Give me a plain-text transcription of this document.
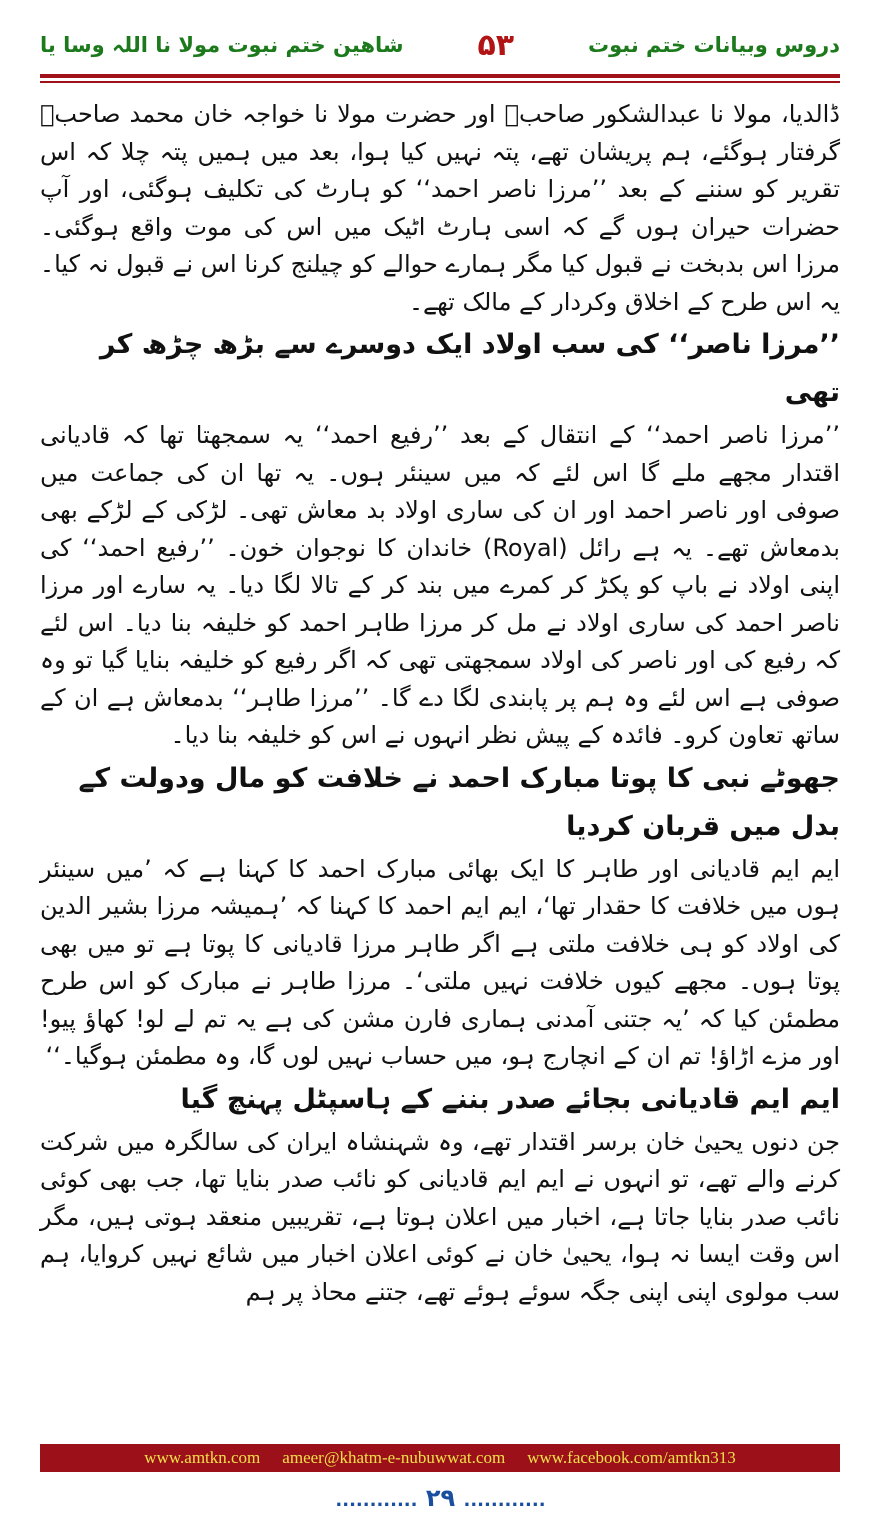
دروس وبیانات ختم نبوت
۵۳
شاھین ختم نبوت مولا نا اللہ وسا یا

ڈالدیا، مولا نا عبدالشکور صاحبؒ اور حضرت مولا نا خواجہ خان محمد صاحبؒ گرفتار ہوگئے، ہم پریشان تھے، پتہ نہیں کیا ہوا، بعد میں ہمیں پتہ چلا کہ اس تقریر کو سننے کے بعد ’’مرزا ناصر احمد‘‘ کو ہارٹ کی تکلیف ہوگئی، اور آپ حضرات حیران ہوں گے کہ اسی ہارٹ اٹیک میں اس کی موت واقع ہوگئی۔ مرزا اس بدبخت نے قبول کیا مگر ہمارے حوالے کو چیلنج کرنا اس نے قبول نہ کیا۔ یہ اس طرح کے اخلاق وکردار کے مالک تھے۔

’’مرزا ناصر‘‘ کی سب اولاد ایک دوسرے سے بڑھ چڑھ کر تھی

’’مرزا ناصر احمد‘‘ کے انتقال کے بعد ’’رفیع احمد‘‘ یہ سمجھتا تھا کہ قادیانی اقتدار مجھے ملے گا اس لئے کہ میں سینئر ہوں۔ یہ تھا ان کی جماعت میں صوفی اور ناصر احمد اور ان کی ساری اولاد بد معاش تھی۔ لڑکی کے لڑکے بھی بدمعاش تھے۔ یہ ہے رائل (Royal) خاندان کا نوجوان خون۔ ’’رفیع احمد‘‘ کی اپنی اولاد نے باپ کو پکڑ کر کمرے میں بند کر کے تالا لگا دیا۔ یہ سارے اور مرزا ناصر احمد کی ساری اولاد نے مل کر مرزا طاہر احمد کو خلیفہ بنا دیا۔ اس لئے کہ رفیع کی اور ناصر کی اولاد سمجھتی تھی کہ اگر رفیع کو خلیفہ بنایا گیا تو وہ صوفی ہے اس لئے وہ ہم پر پابندی لگا دے گا۔ ’’مرزا طاہر‘‘ بدمعاش ہے ان کے ساتھ تعاون کرو۔ فائدہ کے پیش نظر انہوں نے اس کو خلیفہ بنا دیا۔

جھوٹے نبی کا پوتا مبارک احمد نے خلافت کو مال ودولت کے بدل میں قربان کردیا

ایم ایم قادیانی اور طاہر کا ایک بھائی مبارک احمد کا کہنا ہے کہ ’میں سینئر ہوں میں خلافت کا حقدار تھا‘، ایم ایم احمد کا کہنا کہ ’ہمیشہ مرزا بشیر الدین کی اولاد کو ہی خلافت ملتی ہے اگر طاہر مرزا قادیانی کا پوتا ہے تو میں بھی پوتا ہوں۔ مجھے کیوں خلافت نہیں ملتی‘۔ مرزا طاہر نے مبارک کو اس طرح مطمئن کیا کہ ’یہ جتنی آمدنی ہماری فارن مشن کی ہے یہ تم لے لو! کھاؤ پیو! اور مزے اڑاؤ! تم ان کے انچارج ہو، میں حساب نہیں لوں گا، وہ مطمئن ہوگیا۔‘‘

ایم ایم قادیانی بجائے صدر بننے کے ہاسپٹل پہنچ گیا

جن دنوں یحییٰ خان برسر اقتدار تھے، وہ شہنشاہ ایران کی سالگرہ میں شرکت کرنے والے تھے، تو انہوں نے ایم ایم قادیانی کو نائب صدر بنایا تھا، جب بھی کوئی نائب صدر بنایا جاتا ہے، اخبار میں اعلان ہوتا ہے، تقریبیں منعقد ہوتی ہیں، مگر اس وقت ایسا نہ ہوا، یحییٰ خان نے کوئی اعلان اخبار میں شائع نہیں کروایا، ہم سب مولوی اپنی اپنی جگہ سوئے ہوئے تھے، جتنے محاذ پر ہم

www.amtkn.com ameer@khatm-e-nubuwwat.com www.facebook.com/amtkn313
............ ۲۹ ............
